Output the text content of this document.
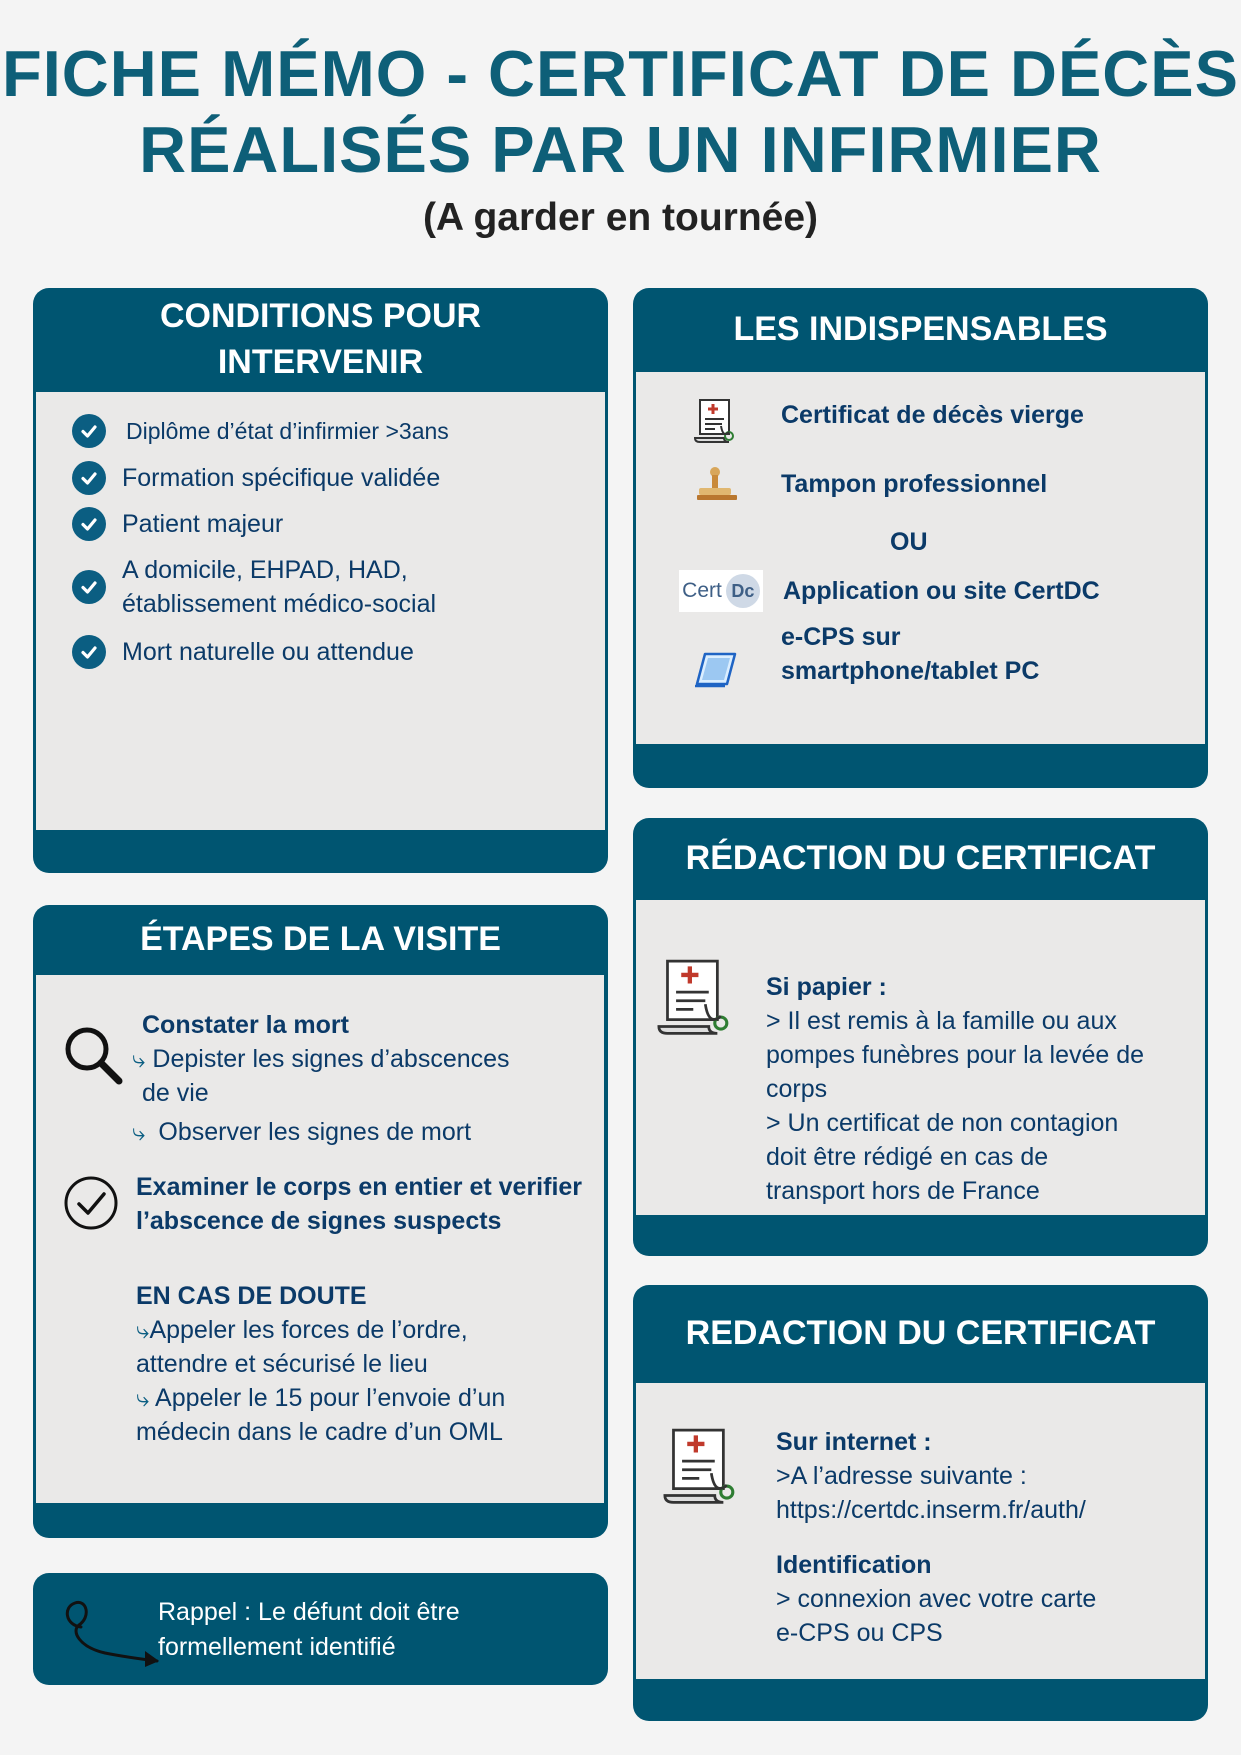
FICHE MÉMO - CERTIFICAT DE DÉCÈS
RÉALISÉS PAR UN INFIRMIER
(A garder en tournée)
CONDITIONS POUR
INTERVENIR
Diplôme d’état d’infirmier >3ans
Formation spécifique validée
Patient majeur
A domicile, EHPAD, HAD,
établissement médico-social
Mort naturelle ou attendue
LES INDISPENSABLES
Certificat de décès vierge
Tampon professionnel
OU
Cert Dc Application ou site CertDC
e-CPS sur
smartphone/tablet PC
ÉTAPES DE LA VISITE
Constater la mort
⤷ Depister les signes d’abscences
de vie
⤷ Observer les signes de mort
Examiner le corps en entier et verifier
l’abscence de signes suspects
EN CAS DE DOUTE
⤷Appeler les forces de l’ordre,
attendre et sécurisé le lieu
⤷ Appeler le 15 pour l’envoie d’un
médecin dans le cadre d’un OML
RÉDACTION DU CERTIFICAT
Si papier :
> Il est remis à la famille ou aux
pompes funèbres pour la levée de
corps
> Un certificat de non contagion
doit être rédigé en cas de
transport hors de France
REDACTION DU CERTIFICAT
Sur internet :
>A l’adresse suivante :
https://certdc.inserm.fr/auth/
Identification
> connexion avec votre carte
e-CPS ou CPS
Rappel : Le défunt doit être
formellement identifié
